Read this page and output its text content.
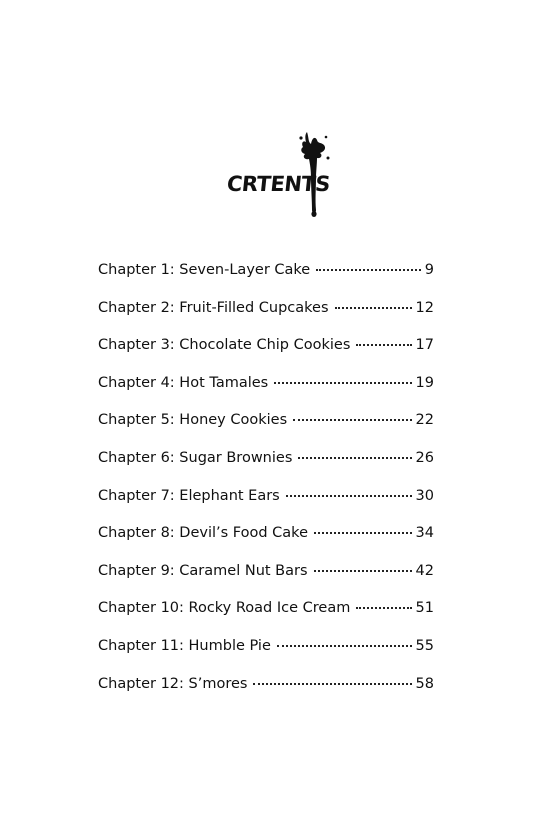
CRTENTS
Chapter 1: Seven-Layer Cake	9
Chapter 2: Fruit-Filled Cupcakes	12
Chapter 3: Chocolate Chip Cookies	17
Chapter 4: Hot Tamales	19
Chapter 5: Honey Cookies	22
Chapter 6: Sugar Brownies	26
Chapter 7: Elephant Ears	30
Chapter 8: Devil’s Food Cake	34
Chapter 9: Caramel Nut Bars	42
Chapter 10: Rocky Road Ice Cream	51
Chapter 11: Humble Pie	55
Chapter 12: S’mores	58
